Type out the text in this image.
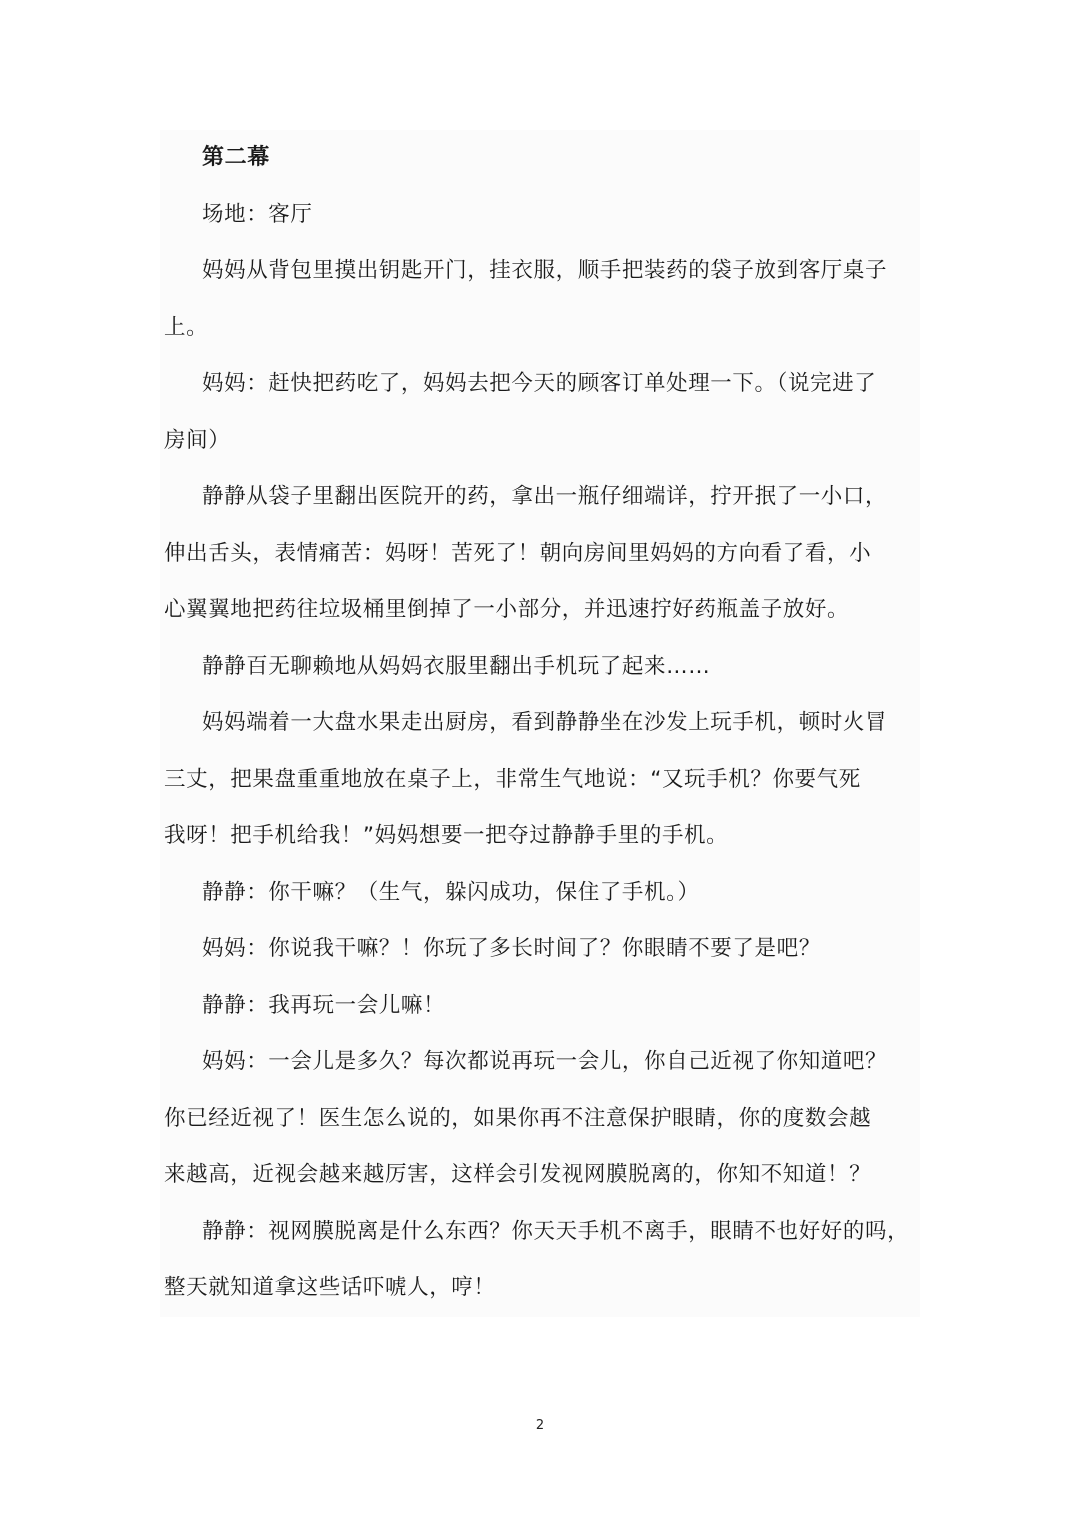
第二幕
场地：客厅
妈妈从背包里摸出钥匙开门，挂衣服，顺手把装药的袋子放到客厅桌子
上。
妈妈：赶快把药吃了，妈妈去把今天的顾客订单处理一下。（说完进了
房间）
静静从袋子里翻出医院开的药，拿出一瓶仔细端详，拧开抿了一小口，
伸出舌头，表情痛苦：妈呀！苦死了！朝向房间里妈妈的方向看了看，小
心翼翼地把药往垃圾桶里倒掉了一小部分，并迅速拧好药瓶盖子放好。
静静百无聊赖地从妈妈衣服里翻出手机玩了起来……
妈妈端着一大盘水果走出厨房，看到静静坐在沙发上玩手机，顿时火冒
三丈，把果盘重重地放在桌子上，非常生气地说：“又玩手机？你要气死
我呀！把手机给我！”妈妈想要一把夺过静静手里的手机。
静静：你干嘛？（生气，躲闪成功，保住了手机。）
妈妈：你说我干嘛？！你玩了多长时间了？你眼睛不要了是吧？
静静：我再玩一会儿嘛！
妈妈：一会儿是多久？每次都说再玩一会儿，你自己近视了你知道吧？
你已经近视了！医生怎么说的，如果你再不注意保护眼睛，你的度数会越
来越高，近视会越来越厉害，这样会引发视网膜脱离的，你知不知道！？
静静：视网膜脱离是什么东西？你天天手机不离手，眼睛不也好好的吗，
整天就知道拿这些话吓唬人，哼！
2
